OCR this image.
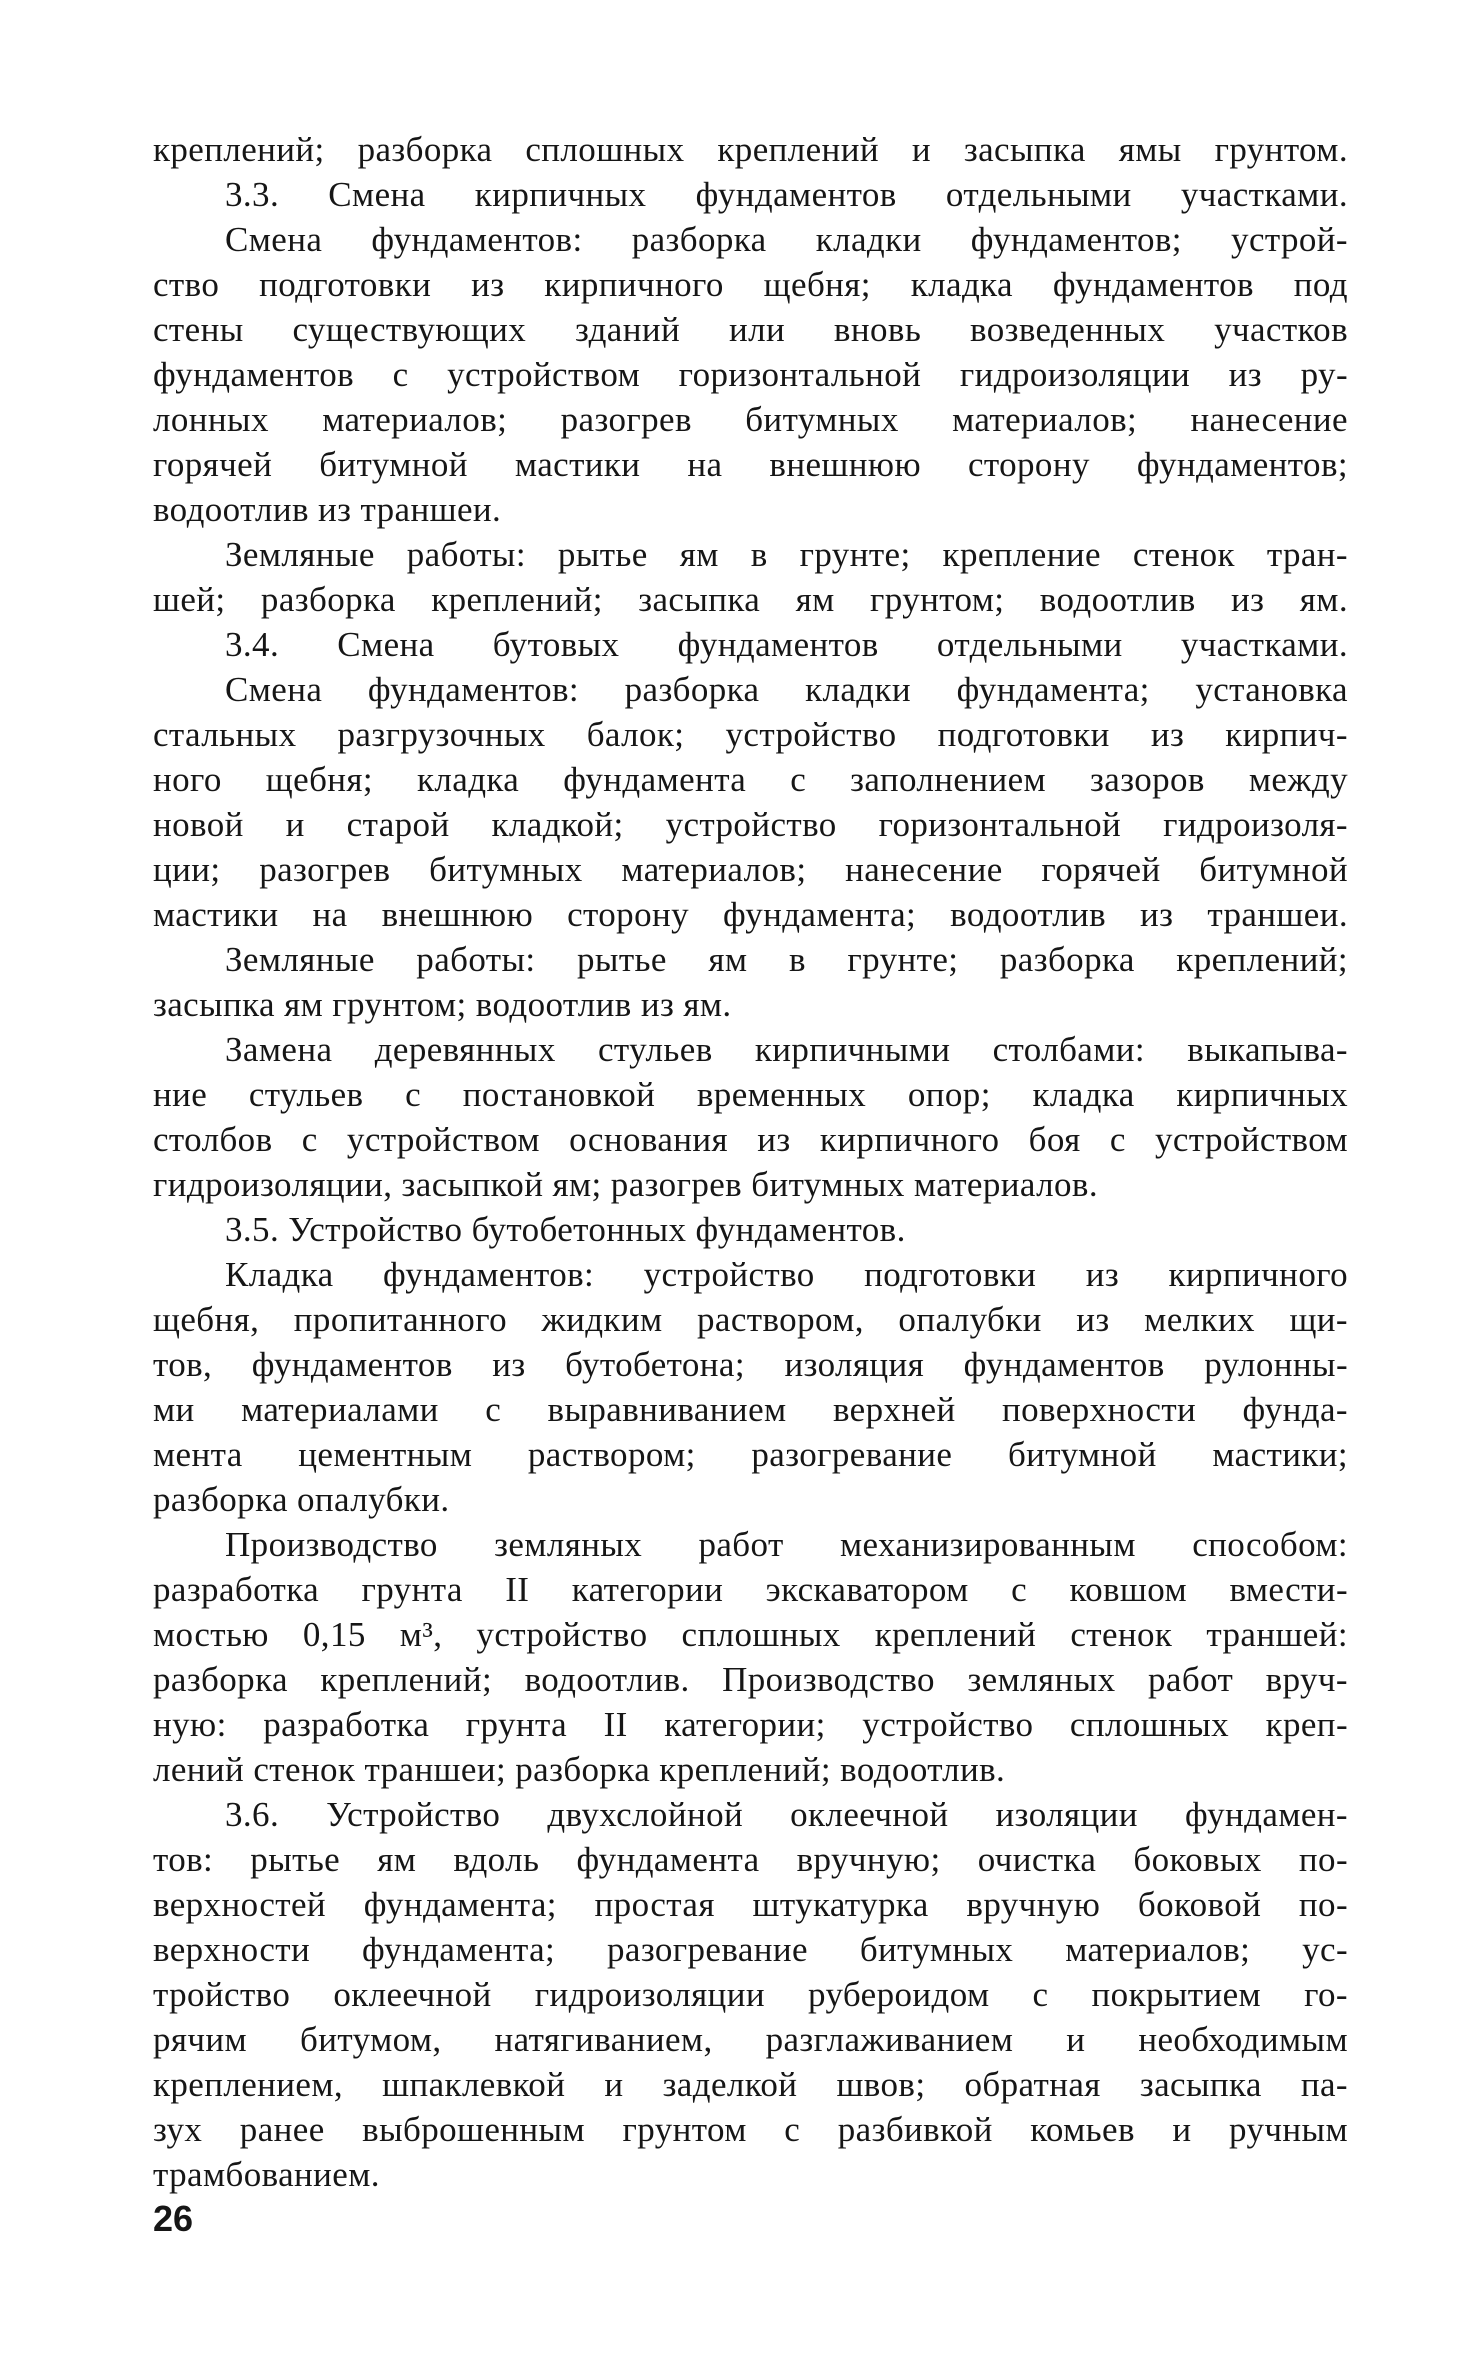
креплений; разборка сплошных креплений и засыпка ямы грунтом.
3.3. Смена кирпичных фундаментов отдельными участками.
Смена фундаментов: разборка кладки фундаментов; устрой-
ство подготовки из кирпичного щебня; кладка фундаментов под
стены существующих зданий или вновь возведенных участков
фундаментов с устройством горизонтальной гидроизоляции из ру-
лонных материалов; разогрев битумных материалов; нанесение
горячей битумной мастики на внешнюю сторону фундаментов;
водоотлив из траншеи.
Земляные работы: рытье ям в грунте; крепление стенок тран-
шей; разборка креплений; засыпка ям грунтом; водоотлив из ям.
3.4. Смена бутовых фундаментов отдельными участками.
Смена фундаментов: разборка кладки фундамента; установка
стальных разгрузочных балок; устройство подготовки из кирпич-
ного щебня; кладка фундамента с заполнением зазоров между
новой и старой кладкой; устройство горизонтальной гидроизоля-
ции; разогрев битумных материалов; нанесение горячей битумной
мастики на внешнюю сторону фундамента; водоотлив из траншеи.
Земляные работы: рытье ям в грунте; разборка креплений;
засыпка ям грунтом; водоотлив из ям.
Замена деревянных стульев кирпичными столбами: выкапыва-
ние стульев с постановкой временных опор; кладка кирпичных
столбов с устройством основания из кирпичного боя с устройством
гидроизоляции, засыпкой ям; разогрев битумных материалов.
3.5. Устройство бутобетонных фундаментов.
Кладка фундаментов: устройство подготовки из кирпичного
щебня, пропитанного жидким раствором, опалубки из мелких щи-
тов, фундаментов из бутобетона; изоляция фундаментов рулонны-
ми материалами с выравниванием верхней поверхности фунда-
мента цементным раствором; разогревание битумной мастики;
разборка опалубки.
Производство земляных работ механизированным способом:
разработка грунта II категории экскаватором с ковшом вмести-
мостью 0,15 м³, устройство сплошных креплений стенок траншей:
разборка креплений; водоотлив. Производство земляных работ вруч-
ную: разработка грунта II категории; устройство сплошных креп-
лений стенок траншеи; разборка креплений; водоотлив.
3.6. Устройство двухслойной оклеечной изоляции фундамен-
тов: рытье ям вдоль фундамента вручную; очистка боковых по-
верхностей фундамента; простая штукатурка вручную боковой по-
верхности фундамента; разогревание битумных материалов; ус-
тройство оклеечной гидроизоляции рубероидом с покрытием го-
рячим битумом, натягиванием, разглаживанием и необходимым
креплением, шпаклевкой и заделкой швов; обратная засыпка па-
зух ранее выброшенным грунтом с разбивкой комьев и ручным
трамбованием.
26
